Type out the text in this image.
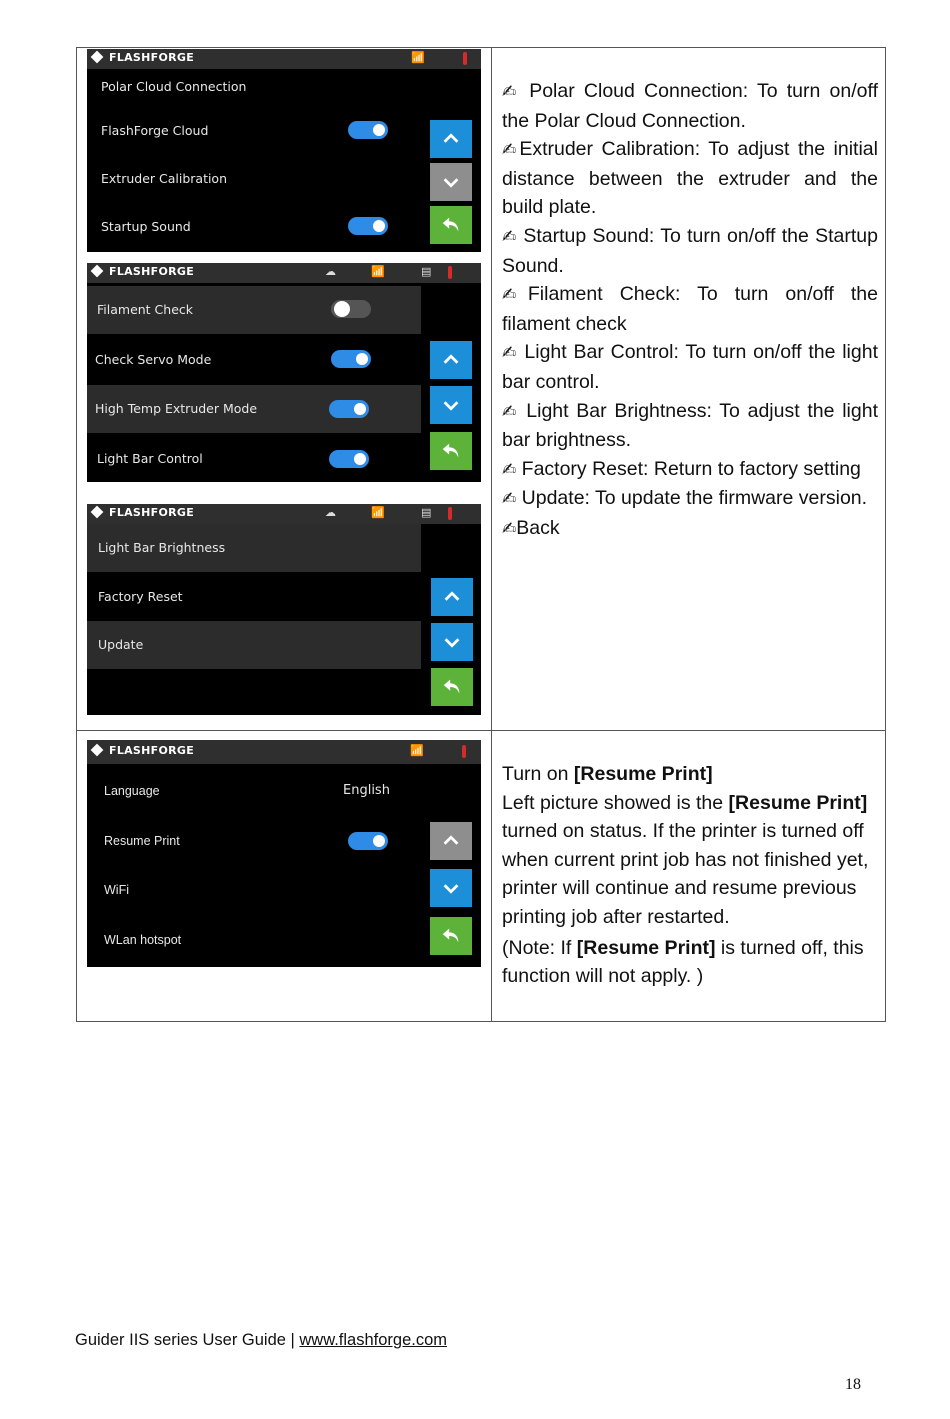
FLASHFORGE	📶
Polar Cloud Connection
FlashForge Cloud
Extruder Calibration
Startup Sound
FLASHFORGE	☁	📶	▤
Filament Check
Check Servo Mode
High Temp Extruder Mode
Light Bar Control
FLASHFORGE	☁	📶	▤
Light Bar Brightness
Factory Reset
Update
FLASHFORGE	📶
Language	English
Resume Print
WiFi
WLan hotspot

✍ Polar Cloud Connection: To turn on/off the Polar Cloud Connection.

✍Extruder Calibration: To adjust the initial distance between the extruder and the build plate.

✍ Startup Sound: To turn on/off the Startup Sound.

✍Filament Check: To turn on/off the filament check

✍ Light Bar Control: To turn on/off the light bar control.

✍ Light Bar Brightness: To adjust the light bar brightness.

✍ Factory Reset: Return to factory setting

✍ Update: To update the firmware version.

✍Back

Turn on [Resume Print]

Left picture showed is the [Resume Print] turned on status. If the printer is turned off when current print job has not finished yet, printer will continue and resume previous printing job after restarted.

(Note: If [Resume Print] is turned off, this function will not apply. )

Guider IIS series User Guide | www.flashforge.com
18
